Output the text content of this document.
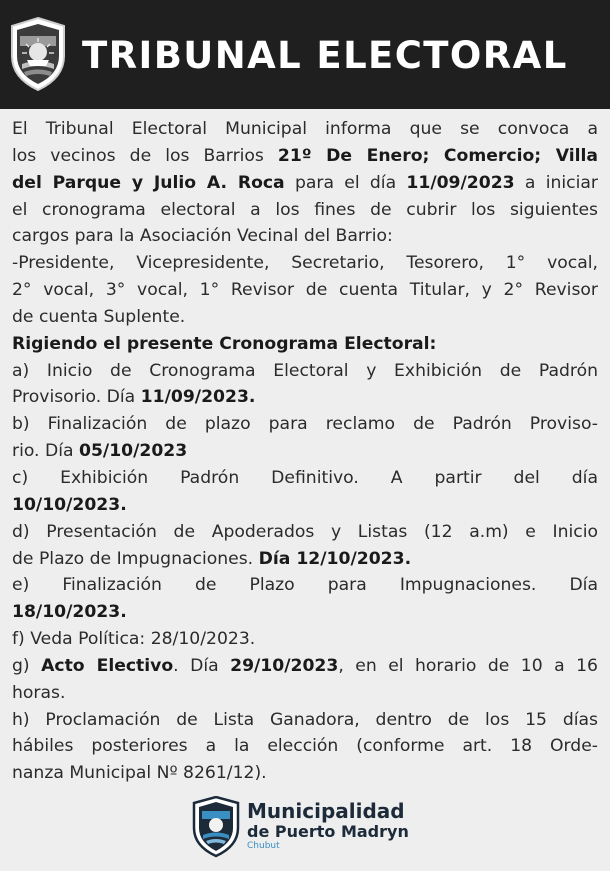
TRIBUNAL ELECTORAL
El Tribunal Electoral Municipal informa que se convoca a
los vecinos de los Barrios 21º De Enero; Comercio; Villa
del Parque y Julio A. Roca para el día 11/09/2023 a iniciar
el cronograma electoral a los fines de cubrir los siguientes
cargos para la Asociación Vecinal del Barrio:
-Presidente, Vicepresidente, Secretario, Tesorero, 1° vocal,
2° vocal, 3° vocal, 1° Revisor de cuenta Titular, y 2° Revisor
de cuenta Suplente.
Rigiendo el presente Cronograma Electoral:
a) Inicio de Cronograma Electoral y Exhibición de Padrón
Provisorio. Día 11/09/2023.
b) Finalización de plazo para reclamo de Padrón Proviso-
rio. Día 05/10/2023
c) Exhibición Padrón Definitivo. A partir del día
10/10/2023.
d) Presentación de Apoderados y Listas (12 a.m) e Inicio
de Plazo de Impugnaciones. Día 12/10/2023.
e) Finalización de Plazo para Impugnaciones. Día
18/10/2023.
f) Veda Política: 28/10/2023.
g) Acto Electivo. Día 29/10/2023, en el horario de 10 a 16
horas.
h) Proclamación de Lista Ganadora, dentro de los 15 días
hábiles posteriores a la elección (conforme art. 18 Orde-
nanza Municipal Nº 8261/12).
Municipalidad
de Puerto Madryn
Chubut
